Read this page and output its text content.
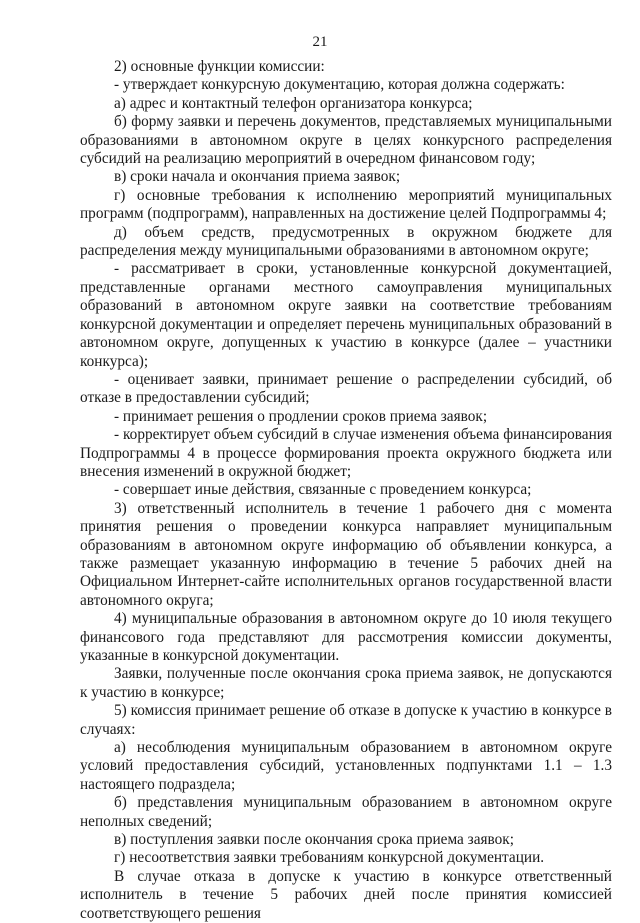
21

2) основные функции комиссии:

- утверждает конкурсную документацию, которая должна содержать:

а) адрес и контактный телефон организатора конкурса;

б) форму заявки и перечень документов, представляемых муниципальными образованиями в автономном округе в целях конкурсного распределения субсидий на реализацию мероприятий в очередном финансовом году;

в) сроки начала и окончания приема заявок;

г) основные требования к исполнению мероприятий муниципальных программ (подпрограмм), направленных на достижение целей Подпрограммы 4;

д) объем средств, предусмотренных в окружном бюджете для распределения между муниципальными образованиями в автономном округе;

- рассматривает в сроки, установленные конкурсной документацией, представленные органами местного самоуправления муниципальных образований в автономном округе заявки на соответствие требованиям конкурсной документации и определяет перечень муниципальных образований в автономном округе, допущенных к участию в конкурсе (далее – участники конкурса);

- оценивает заявки, принимает решение о распределении субсидий, об отказе в предоставлении субсидий;

- принимает решения о продлении сроков приема заявок;

- корректирует объем субсидий в случае изменения объема финансирования Подпрограммы 4 в процессе формирования проекта окружного бюджета или внесения изменений в окружной бюджет;

- совершает иные действия, связанные с проведением конкурса;

3) ответственный исполнитель в течение 1 рабочего дня с момента принятия решения о проведении конкурса направляет муниципальным образованиям в автономном округе информацию об объявлении конкурса, а также размещает указанную информацию в течение 5 рабочих дней на Официальном Интернет-сайте исполнительных органов государственной власти автономного округа;

4) муниципальные образования в автономном округе до 10 июля текущего финансового года представляют для рассмотрения комиссии документы, указанные в конкурсной документации.

Заявки, полученные после окончания срока приема заявок, не допускаются к участию в конкурсе;

5) комиссия принимает решение об отказе в допуске к участию в конкурсе в случаях:

а) несоблюдения муниципальным образованием в автономном округе условий предоставления субсидий, установленных подпунктами 1.1 – 1.3 настоящего подраздела;

б) представления муниципальным образованием в автономном округе неполных сведений;

в) поступления заявки после окончания срока приема заявок;

г) несоответствия заявки требованиям конкурсной документации.

В случае отказа в допуске к участию в конкурсе ответственный исполнитель в течение 5 рабочих дней после принятия комиссией соответствующего решения
